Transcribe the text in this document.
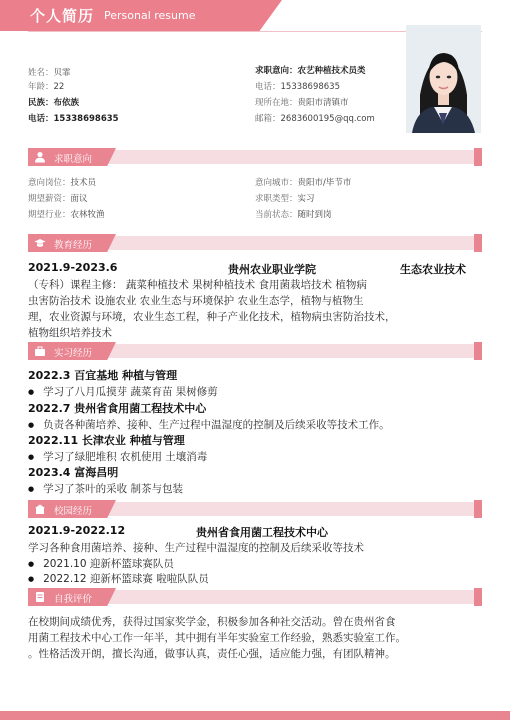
个人简历 Personal resume
姓名：贝霏
年龄：22
民族：布依族
电话：15338698635
求职意向：农艺种植技术员类
电话：15338698635
现所在地：贵阳市清镇市
邮箱：2683600195@qq.com
求职意向
意向岗位：技术员
期望薪资：面议
期望行业：农林牧渔
意向城市：贵阳市/毕节市
求职类型：实习
当前状态：随时到岗
教育经历
2021.9-2023.6	贵州农业职业学院	生态农业技术
（专科）课程主修： 蔬菜种植技术 果树种植技术 食用菌栽培技术 植物病
虫害防治技术 设施农业 农业生态与环境保护 农业生态学，植物与植物生
理，农业资源与环境，农业生态工程，种子产业化技术，植物病虫害防治技术，
植物组织培养技术
实习经历
2022.3 百宜基地 种植与管理
● 学习了八月瓜摸芽 蔬菜育苗 果树修剪
2022.7 贵州省食用菌工程技术中心
● 负责各种菌培养、接种、生产过程中温湿度的控制及后续采收等技术工作。
2022.11 长津农业 种植与管理
● 学习了绿肥堆积 农机使用 土壤消毒
2023.4 富海昌明
● 学习了茶叶的采收 制茶与包装
校园经历
2021.9-2022.12	贵州省食用菌工程技术中心
学习各种食用菌培养、接种、生产过程中温湿度的控制及后续采收等技术
● 2021.10 迎新杯篮球赛队员
● 2022.12 迎新杯篮球赛 啦啦队队员
自我评价
在校期间成绩优秀，获得过国家奖学金，积极参加各种社交活动。曾在贵州省食
用菌工程技术中心工作一年半，其中拥有半年实验室工作经验，熟悉实验室工作。
。性格活泼开朗，擅长沟通，做事认真，责任心强，适应能力强，有团队精神。
